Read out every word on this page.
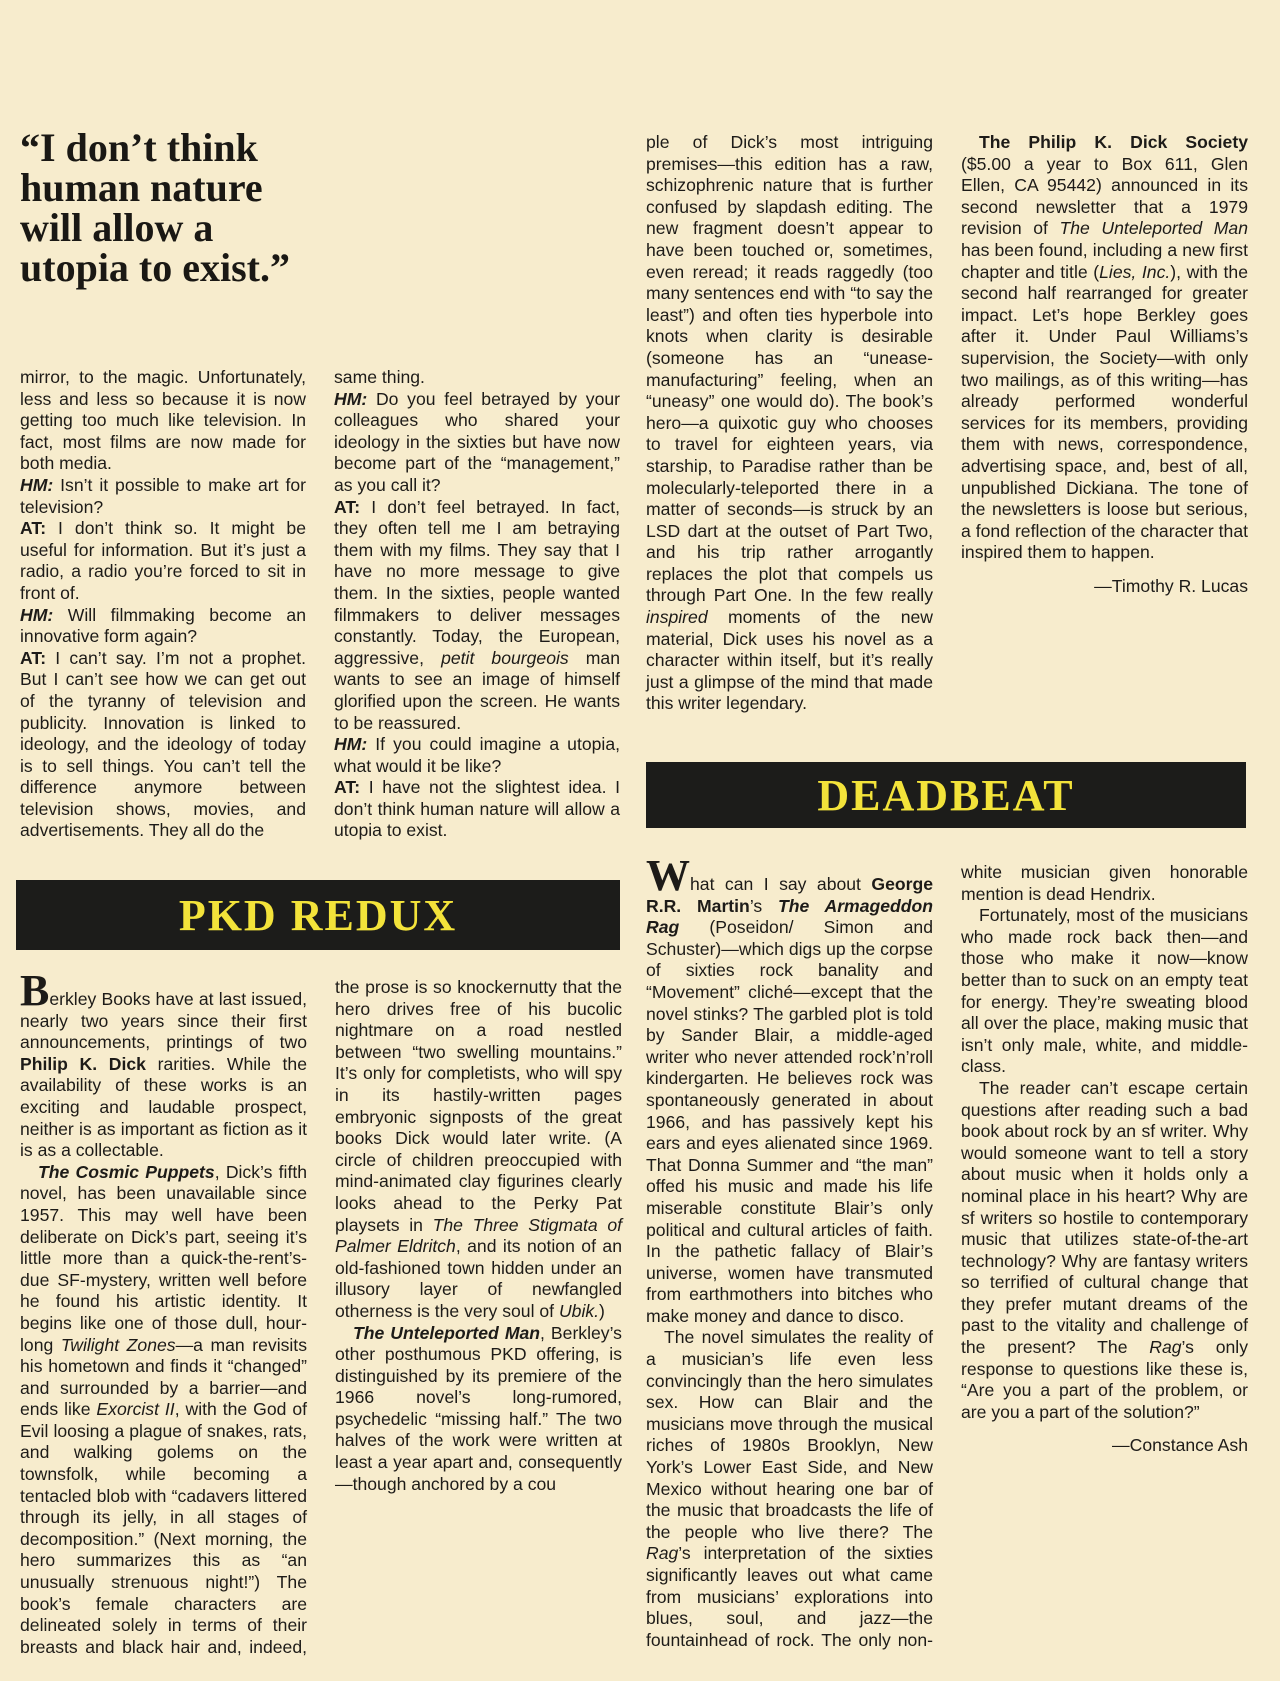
“I don’t think human nature will allow a utopia to exist.”

mirror, to the magic. Unfortunately, less and less so because it is now getting too much like television. In fact, most films are now made for both media.

HM: Isn’t it possible to make art for television?

AT: I don’t think so. It might be useful for information. But it’s just a radio, a radio you’re forced to sit in front of.

HM: Will filmmaking become an innovative form again?

AT: I can’t say. I’m not a prophet. But I can’t see how we can get out of the tyranny of television and publicity. Innovation is linked to ideology, and the ideology of today is to sell things. You can’t tell the difference anymore between television shows, movies, and advertisements. They all do the

same thing.

HM: Do you feel betrayed by your colleagues who shared your ideology in the sixties but have now become part of the “management,” as you call it?

AT: I don’t feel betrayed. In fact, they often tell me I am betraying them with my films. They say that I have no more message to give them. In the sixties, people wanted filmmakers to deliver messages constantly. Today, the European, aggressive, petit bourgeois man wants to see an image of himself glorified upon the screen. He wants to be reassured.

HM: If you could imagine a utopia, what would it be like?

AT: I have not the slightest idea. I don’t think human nature will allow a utopia to exist.

PKD REDUX

Berkley Books have at last issued, nearly two years since their first announcements, printings of two Philip K. Dick rarities. While the availability of these works is an exciting and laudable prospect, neither is as important as fiction as it is as a collectable.

The Cosmic Puppets, Dick’s fifth novel, has been unavailable since 1957. This may well have been deliberate on Dick’s part, seeing it’s little more than a quick-the-rent’s-due SF-mystery, written well before he found his artistic identity. It begins like one of those dull, hour-long Twilight Zones—a man revisits his hometown and finds it “changed” and surrounded by a barrier—and ends like Exorcist II, with the God of Evil loosing a plague of snakes, rats, and walking golems on the townsfolk, while becoming a tentacled blob with “cadavers littered through its jelly, in all stages of decomposition.” (Next morning, the hero summarizes this as “an unusually strenuous night!”) The book’s female characters are delineated solely in terms of their breasts and black hair and, indeed, the prose is so knockernutty that the hero drives free of his bucolic nightmare on a road nestled between “two swelling mountains.” It’s only for completists, who will spy in its hastily-written pages embryonic signposts of the great books Dick would later write. (A circle of children preoccupied with mind-animated clay figurines clearly looks ahead to the Perky Pat playsets in The Three Stigmata of Palmer Eldritch, and its notion of an old-fashioned town hidden under an illusory layer of newfangled otherness is the very soul of Ubik.)

The Unteleported Man, Berkley’s other posthumous PKD offering, is distinguished by its premiere of the 1966 novel’s long-rumored, psychedelic “missing half.” The two halves of the work were written at least a year apart and, consequently—though anchored by a cou

ple of Dick’s most intriguing premises—this edition has a raw, schizophrenic nature that is further confused by slapdash editing. The new fragment doesn’t appear to have been touched or, sometimes, even reread; it reads raggedly (too many sentences end with “to say the least”) and often ties hyperbole into knots when clarity is desirable (someone has an “unease-manufacturing” feeling, when an “uneasy” one would do). The book’s hero—a quixotic guy who chooses to travel for eighteen years, via starship, to Paradise rather than be molecularly-teleported there in a matter of seconds—is struck by an LSD dart at the outset of Part Two, and his trip rather arrogantly replaces the plot that compels us through Part One. In the few really inspired moments of the new material, Dick uses his novel as a character within itself, but it’s really just a glimpse of the mind that made this writer legendary.

The Philip K. Dick Society ($5.00 a year to Box 611, Glen Ellen, CA 95442) announced in its second newsletter that a 1979 revision of The Unteleported Man has been found, including a new first chapter and title (Lies, Inc.), with the second half rearranged for greater impact. Let’s hope Berkley goes after it. Under Paul Williams’s supervision, the Society—with only two mailings, as of this writing—has already performed wonderful services for its members, providing them with news, correspondence, advertising space, and, best of all, unpublished Dickiana. The tone of the newsletters is loose but serious, a fond reflection of the character that inspired them to happen.

—Timothy R. Lucas

DEADBEAT

What can I say about George R.R. Martin’s The Armageddon Rag (Poseidon/ Simon and Schuster)—which digs up the corpse of sixties rock banality and “Movement” cliché—except that the novel stinks? The garbled plot is told by Sander Blair, a middle-aged writer who never attended rock’n’roll kindergarten. He believes rock was spontaneously generated in about 1966, and has passively kept his ears and eyes alienated since 1969. That Donna Summer and “the man” offed his music and made his life miserable constitute Blair’s only political and cultural articles of faith. In the pathetic fallacy of Blair’s universe, women have transmuted from earthmothers into bitches who make money and dance to disco.

The novel simulates the reality of a musician’s life even less convincingly than the hero simulates sex. How can Blair and the musicians move through the musical riches of 1980s Brooklyn, New York’s Lower East Side, and New Mexico without hearing one bar of the music that broadcasts the life of the people who live there? The Rag’s interpretation of the sixties significantly leaves out what came from musicians’ explorations into blues, soul, and jazz—the fountainhead of rock. The only non-white musician given honorable mention is dead Hendrix.

Fortunately, most of the musicians who made rock back then—and those who make it now—know better than to suck on an empty teat for energy. They’re sweating blood all over the place, making music that isn’t only male, white, and middle-class.

The reader can’t escape certain questions after reading such a bad book about rock by an sf writer. Why would someone want to tell a story about music when it holds only a nominal place in his heart? Why are sf writers so hostile to contemporary music that utilizes state-of-the-art technology? Why are fantasy writers so terrified of cultural change that they prefer mutant dreams of the past to the vitality and challenge of the present? The Rag’s only response to questions like these is, “Are you a part of the problem, or are you a part of the solution?”

—Constance Ash
